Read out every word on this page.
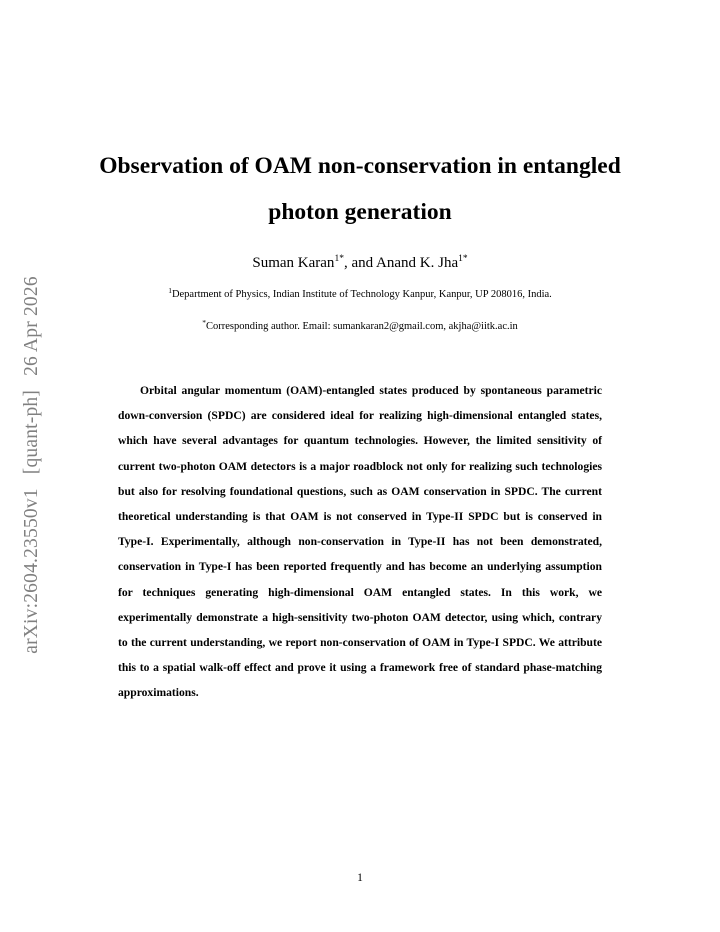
arXiv:2604.23550v1[quant-ph]26 Apr 2026
Observation of OAM non-conservation in entangled photon generation
Suman Karan$^{1*}$, and Anand K. Jha$^{1*}$
$^1$Department of Physics, Indian Institute of Technology Kanpur, Kanpur, UP 208016, India.
*Corresponding author. Email: sumankaran2@gmail.com, akjha@iitk.ac.in

Orbital angular momentum (OAM)-entangled states produced by spontaneous parametric down-conversion (SPDC) are considered ideal for realizing high-dimensional entangled states, which have several advantages for quantum technologies. However, the limited sensitivity of current two-photon OAM detectors is a major roadblock not only for realizing such technologies but also for resolving foundational questions, such as OAM conservation in SPDC. The current theoretical understanding is that OAM is not conserved in Type-II SPDC but is conserved in Type-I. Experimentally, although non-conservation in Type-II has not been demonstrated, conservation in Type-I has been reported frequently and has become an underlying assumption for techniques generating high-dimensional OAM entangled states. In this work, we experimentally demonstrate a high-sensitivity two-photon OAM detector, using which, contrary to the current understanding, we report non-conservation of OAM in Type-I SPDC. We attribute this to a spatial walk-off effect and prove it using a framework free of standard phase-matching approximations.

1
